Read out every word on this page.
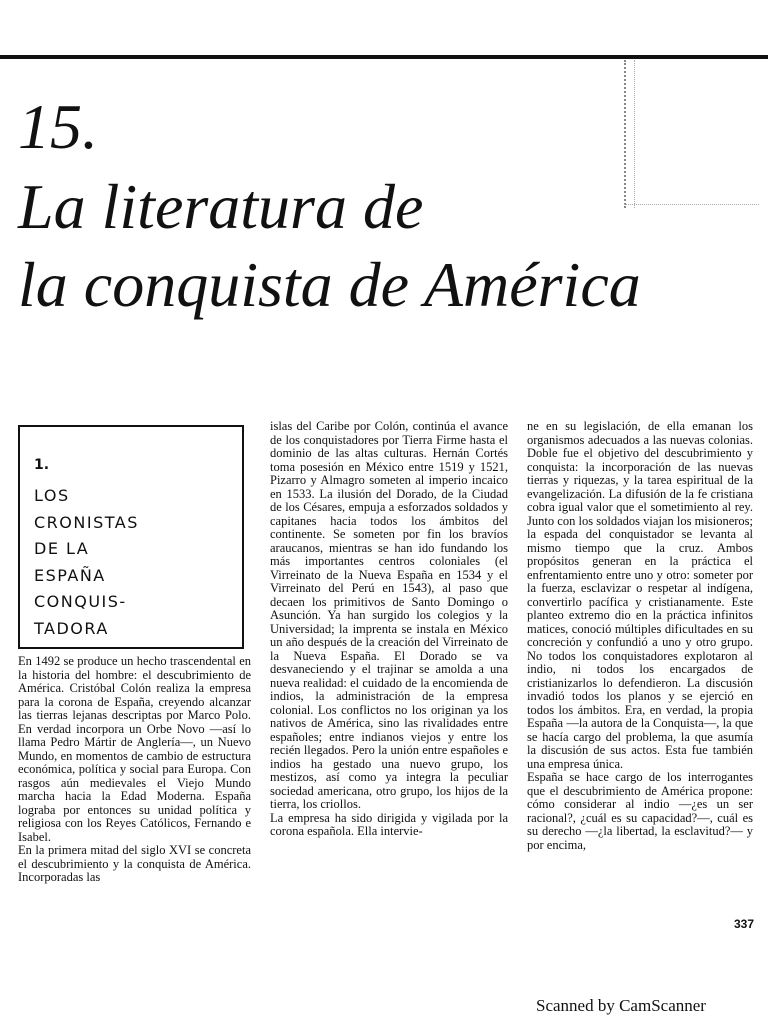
15.
La literatura de
la conquista de América
1.
LOS
CRONISTAS
DE LA
ESPAÑA
CONQUIS-
TADORA

En 1492 se produce un hecho trascendental en la historia del hombre: el descubrimiento de América. Cristóbal Colón realiza la empresa para la corona de España, creyendo alcanzar las tierras lejanas descriptas por Marco Polo. En verdad incorpora un Orbe Novo —así lo llama Pedro Mártir de Anglería—, un Nuevo Mundo, en momentos de cambio de estructura económica, política y social para Europa. Con rasgos aún medievales el Viejo Mundo marcha hacia la Edad Moderna. España lograba por entonces su unidad política y religiosa con los Reyes Católicos, Fernando e Isabel.

En la primera mitad del siglo XVI se concreta el descubrimiento y la conquista de América. Incorporadas las

islas del Caribe por Colón, continúa el avance de los conquistadores por Tierra Firme hasta el dominio de las altas culturas. Hernán Cortés toma posesión en México entre 1519 y 1521, Pizarro y Almagro someten al imperio incaico en 1533. La ilusión del Dorado, de la Ciudad de los Césares, empuja a esforzados soldados y capitanes hacia todos los ámbitos del continente. Se someten por fin los bravíos araucanos, mientras se han ido fundando los más importantes centros coloniales (el Virreinato de la Nueva España en 1534 y el Virreinato del Perú en 1543), al paso que decaen los primitivos de Santo Domingo o Asunción. Ya han surgido los colegios y la Universidad; la imprenta se instala en México un año después de la creación del Virreinato de la Nueva España. El Dorado se va desvaneciendo y el trajinar se amolda a una nueva realidad: el cuidado de la encomienda de indios, la administración de la empresa colonial. Los conflictos no los originan ya los nativos de América, sino las rivalidades entre españoles; entre indianos viejos y entre los recién llegados. Pero la unión entre españoles e indios ha gestado una nuevo grupo, los mestizos, así como ya integra la peculiar sociedad americana, otro grupo, los hijos de la tierra, los criollos.

La empresa ha sido dirigida y vigilada por la corona española. Ella intervie-

ne en su legislación, de ella emanan los organismos adecuados a las nuevas colonias. Doble fue el objetivo del descubrimiento y conquista: la incorporación de las nuevas tierras y riquezas, y la tarea espiritual de la evangelización. La difusión de la fe cristiana cobra igual valor que el sometimiento al rey. Junto con los soldados viajan los misioneros; la espada del conquistador se levanta al mismo tiempo que la cruz. Ambos propósitos generan en la práctica el enfrentamiento entre uno y otro: someter por la fuerza, esclavizar o respetar al indígena, convertirlo pacífica y cristianamente. Este planteo extremo dio en la práctica infinitos matices, conoció múltiples dificultades en su concreción y confundió a uno y otro grupo. No todos los conquistadores explotaron al indio, ni todos los encargados de cristianizarlos lo defendieron. La discusión invadió todos los planos y se ejerció en todos los ámbitos. Era, en verdad, la propia España —la autora de la Conquista—, la que se hacía cargo del problema, la que asumía la discusión de sus actos. Esta fue también una empresa única.

España se hace cargo de los interrogantes que el descubrimiento de América propone: cómo considerar al indio —¿es un ser racional?, ¿cuál es su capacidad?—, cuál es su derecho —¿la libertad, la esclavitud?— y por encima,

337
Scanned by CamScanner
